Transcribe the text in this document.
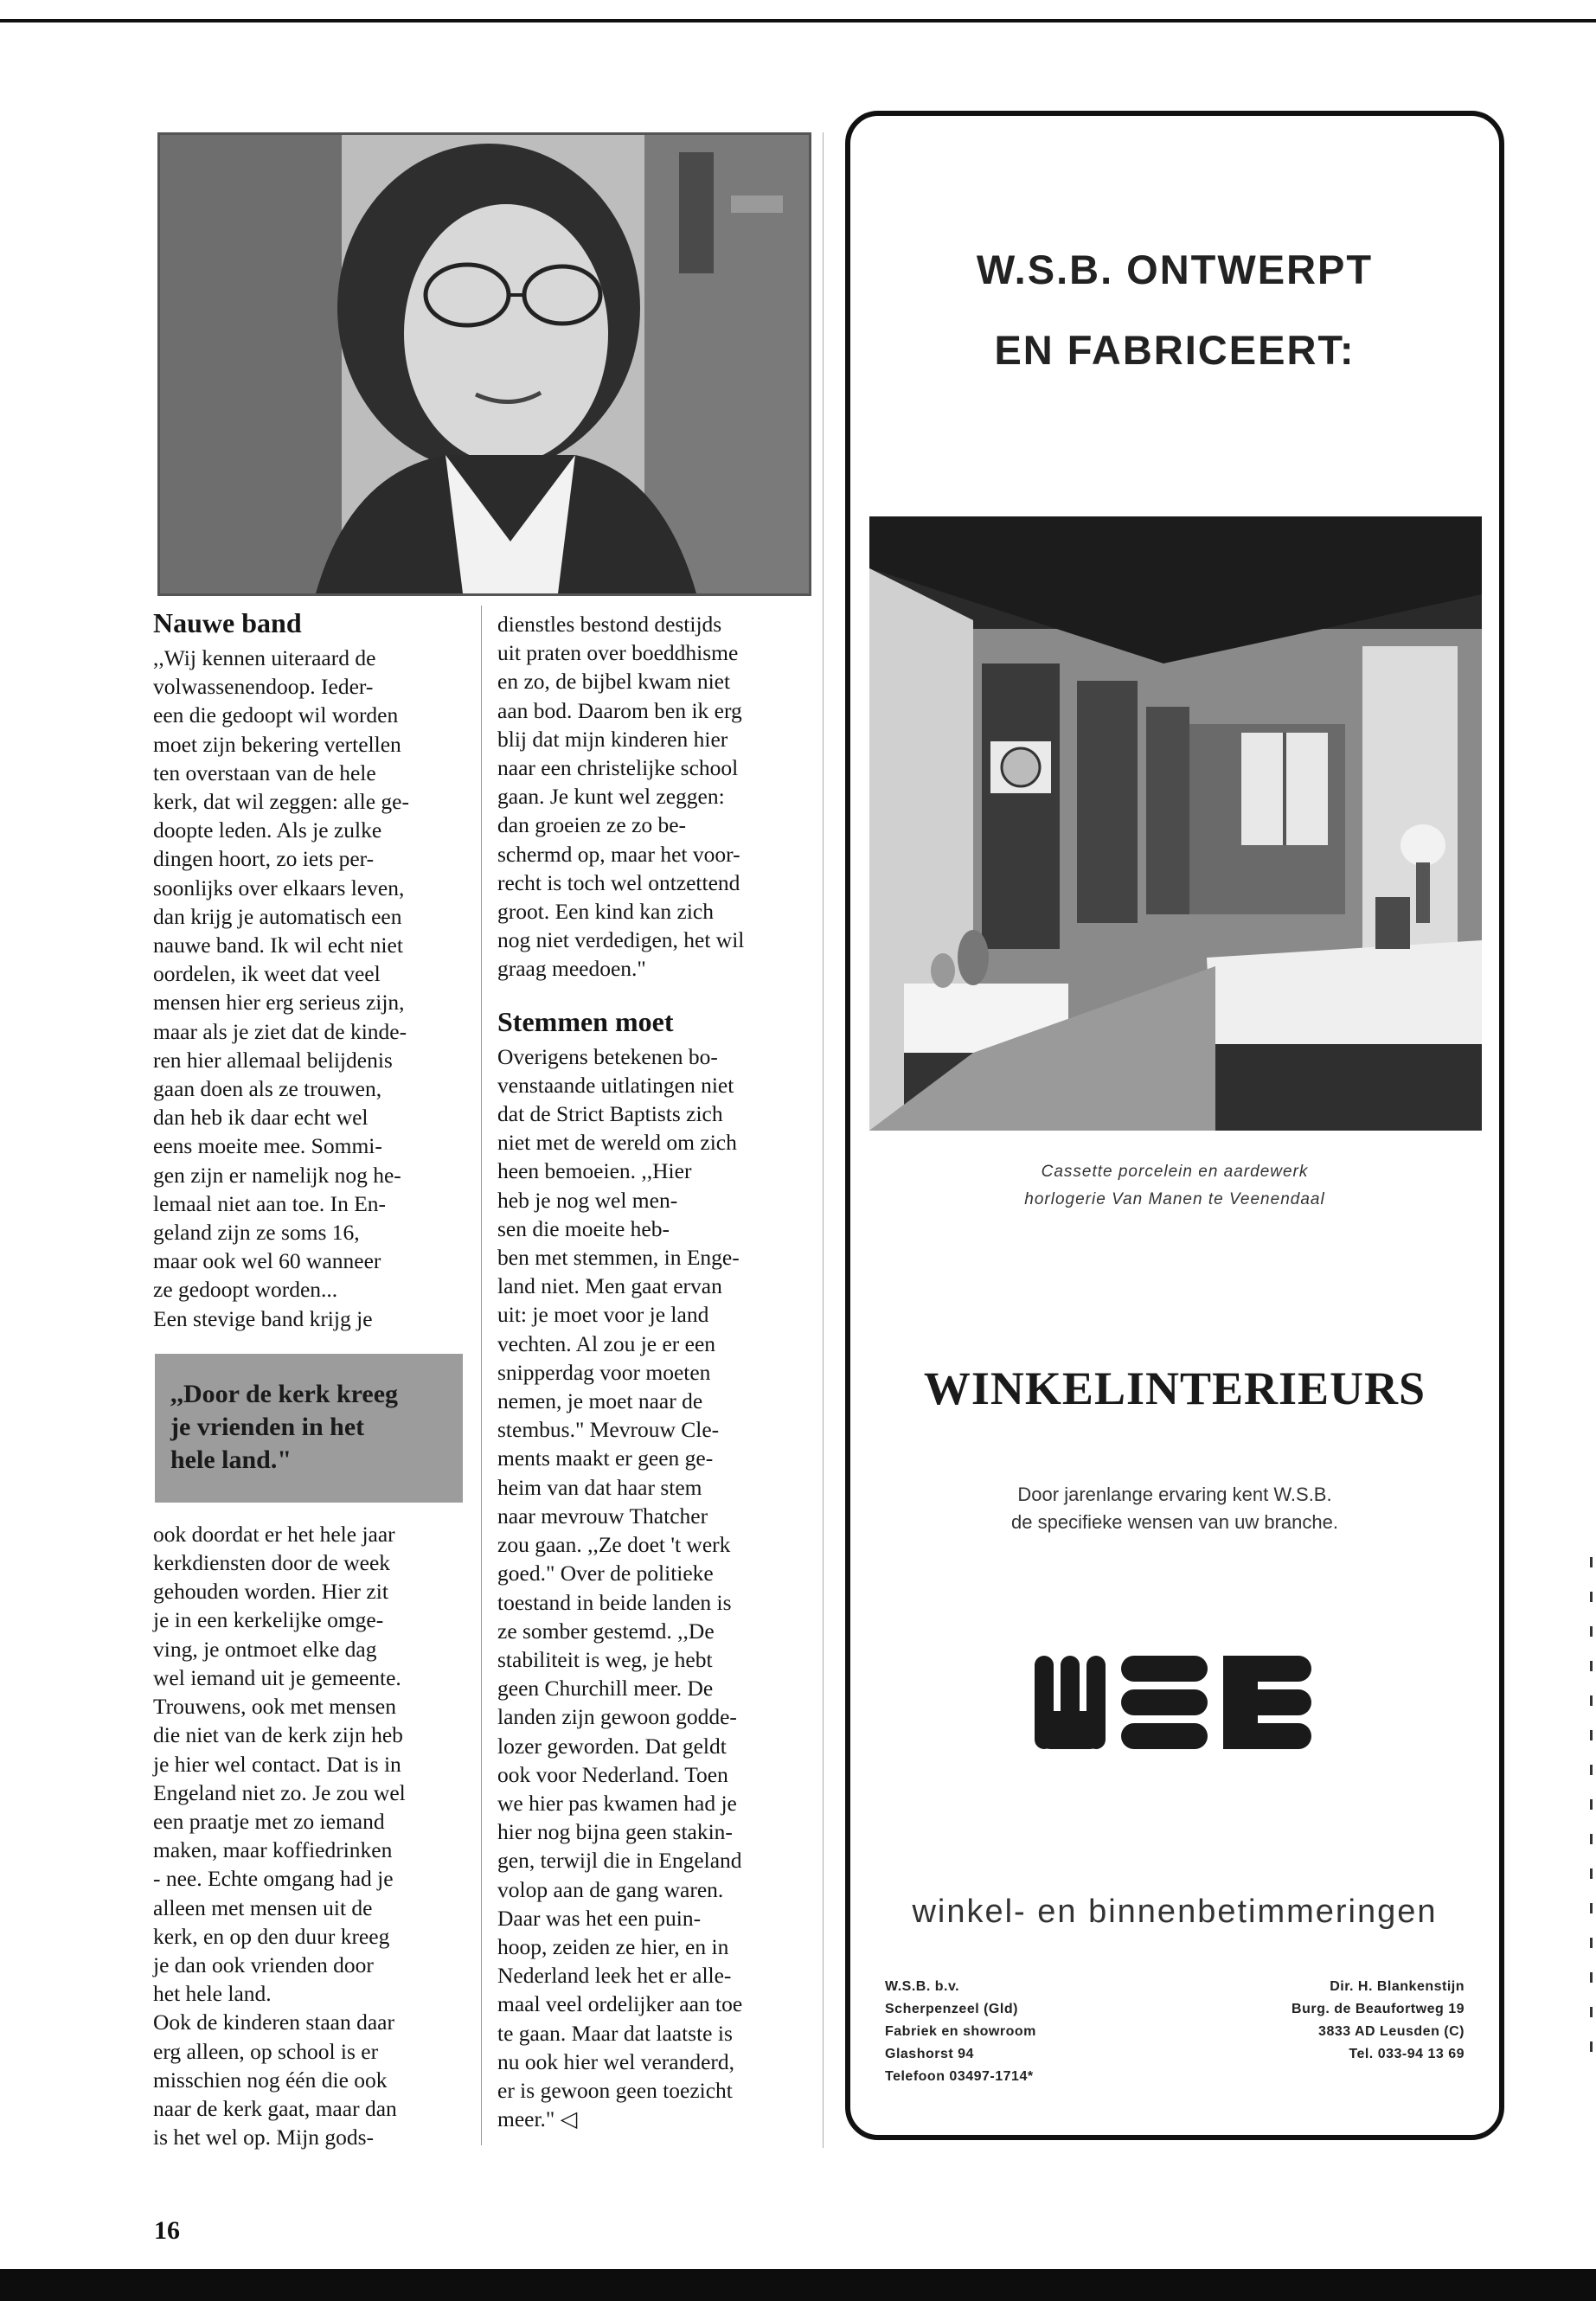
Nauwe band

,,Wij kennen uiteraard de
volwassenendoop. Ieder-
een die gedoopt wil worden
moet zijn bekering vertellen
ten overstaan van de hele
kerk, dat wil zeggen: alle ge-
doopte leden. Als je zulke
dingen hoort, zo iets per-
soonlijks over elkaars leven,
dan krijg je automatisch een
nauwe band. Ik wil echt niet
oordelen, ik weet dat veel
mensen hier erg serieus zijn,
maar als je ziet dat de kinde-
ren hier allemaal belijdenis
gaan doen als ze trouwen,
dan heb ik daar echt wel
eens moeite mee. Sommi-
gen zijn er namelijk nog he-
lemaal niet aan toe. In En-
geland zijn ze soms 16,
maar ook wel 60 wanneer
ze gedoopt worden...
Een stevige band krijg je

,,Door de kerk kreeg
je vrienden in het
hele land."

ook doordat er het hele jaar
kerkdiensten door de week
gehouden worden. Hier zit
je in een kerkelijke omge-
ving, je ontmoet elke dag
wel iemand uit je gemeente.
Trouwens, ook met mensen
die niet van de kerk zijn heb
je hier wel contact. Dat is in
Engeland niet zo. Je zou wel
een praatje met zo iemand
maken, maar koffiedrinken
- nee. Echte omgang had je
alleen met mensen uit de
kerk, en op den duur kreeg
je dan ook vrienden door
het hele land.
Ook de kinderen staan daar
erg alleen, op school is er
misschien nog één die ook
naar de kerk gaat, maar dan
is het wel op. Mijn gods-

dienstles bestond destijds
uit praten over boeddhisme
en zo, de bijbel kwam niet
aan bod. Daarom ben ik erg
blij dat mijn kinderen hier
naar een christelijke school
gaan. Je kunt wel zeggen:
dan groeien ze zo be-
schermd op, maar het voor-
recht is toch wel ontzettend
groot. Een kind kan zich
nog niet verdedigen, het wil
graag meedoen."

Stemmen moet

Overigens betekenen bo-
venstaande uitlatingen niet
dat de Strict Baptists zich
niet met de wereld om zich
heen bemoeien. ,,Hier
heb je nog wel men-
sen die moeite heb-
ben met stemmen, in Enge-
land niet. Men gaat ervan
uit: je moet voor je land
vechten. Al zou je er een
snipperdag voor moeten
nemen, je moet naar de
stembus." Mevrouw Cle-
ments maakt er geen ge-
heim van dat haar stem
naar mevrouw Thatcher
zou gaan. ,,Ze doet 't werk
goed." Over de politieke
toestand in beide landen is
ze somber gestemd. ,,De
stabiliteit is weg, je hebt
geen Churchill meer. De
landen zijn gewoon godde-
lozer geworden. Dat geldt
ook voor Nederland. Toen
we hier pas kwamen had je
hier nog bijna geen stakin-
gen, terwijl die in Engeland
volop aan de gang waren.
Daar was het een puin-
hoop, zeiden ze hier, en in
Nederland leek het er alle-
maal veel ordelijker aan toe
te gaan. Maar dat laatste is
nu ook hier wel veranderd,
er is gewoon geen toezicht
meer." ◁

16
W.S.B. ONTWERPT
EN FABRICEERT:
Cassette porcelein en aardewerk
horlogerie Van Manen te Veenendaal
WINKELINTERIEURS
Door jarenlange ervaring kent W.S.B.
de specifieke wensen van uw branche.
winkel- en binnenbetimmeringen
W.S.B. b.v.
Scherpenzeel (Gld)
Fabriek en showroom
Glashorst 94
Telefoon 03497-1714*
Dir. H. Blankenstijn
Burg. de Beaufortweg 19
3833 AD Leusden (C)
Tel. 033-94 13 69
